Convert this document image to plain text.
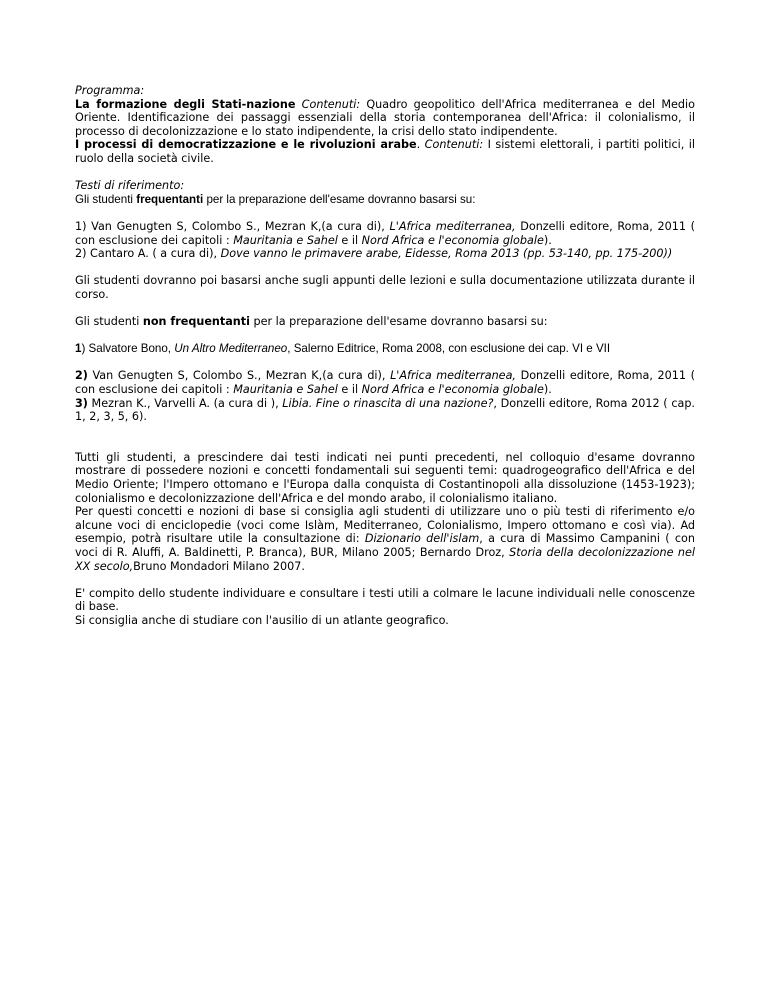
Programma:
La formazione degli Stati-nazione Contenuti: Quadro geopolitico dell'Africa mediterranea e del Medio Oriente. Identificazione dei passaggi essenziali della storia contemporanea dell'Africa: il colonialismo, il processo di decolonizzazione e lo stato indipendente, la crisi dello stato indipendente.
I processi di democratizzazione e le rivoluzioni arabe. Contenuti: I sistemi elettorali, i partiti politici, il ruolo della società civile.

Testi di riferimento:
Gli studenti frequentanti per la preparazione dell'esame dovranno basarsi su:

1) Van Genugten S, Colombo S., Mezran K,(a cura di), L'Africa mediterranea, Donzelli editore, Roma, 2011 ( con esclusione dei capitoli : Mauritania e Sahel e il Nord Africa e l'economia globale).

2) Cantaro A. ( a cura di), Dove vanno le primavere arabe, Eidesse, Roma 2013 (pp. 53-140, pp. 175-200))

Gli studenti dovranno poi basarsi anche sugli appunti delle lezioni e sulla documentazione utilizzata durante il corso.

Gli studenti non frequentanti per la preparazione dell'esame dovranno basarsi su:

1) Salvatore Bono, Un Altro Mediterraneo, Salerno Editrice, Roma 2008, con esclusione dei cap. VI e VII

2) Van Genugten S, Colombo S., Mezran K,(a cura di), L'Africa mediterranea, Donzelli editore, Roma, 2011 ( con esclusione dei capitoli : Mauritania e Sahel e il Nord Africa e l'economia globale).

3) Mezran K., Varvelli A. (a cura di ), Libia. Fine o rinascita di una nazione?, Donzelli editore, Roma 2012 ( cap. 1, 2, 3, 5, 6).

Tutti gli studenti, a prescindere dai testi indicati nei punti precedenti, nel colloquio d'esame dovranno mostrare di possedere nozioni e concetti fondamentali sui seguenti temi: quadrogeografico dell'Africa e del Medio Oriente; l'Impero ottomano e l'Europa dalla conquista di Costantinopoli alla dissoluzione (1453-1923); colonialismo e decolonizzazione dell'Africa e del mondo arabo, il colonialismo italiano.

Per questi concetti e nozioni di base si consiglia agli studenti di utilizzare uno o più testi di riferimento e/o alcune voci di enciclopedie (voci come Islàm, Mediterraneo, Colonialismo, Impero ottomano e così via). Ad esempio, potrà risultare utile la consultazione di: Dizionario dell'islam, a cura di Massimo Campanini ( con voci di R. Aluffi, A. Baldinetti, P. Branca), BUR, Milano 2005; Bernardo Droz, Storia della decolonizzazione nel XX secolo,Bruno Mondadori Milano 2007.

E' compito dello studente individuare e consultare i testi utili a colmare le lacune individuali nelle conoscenze di base.

Si consiglia anche di studiare con l'ausilio di un atlante geografico.
